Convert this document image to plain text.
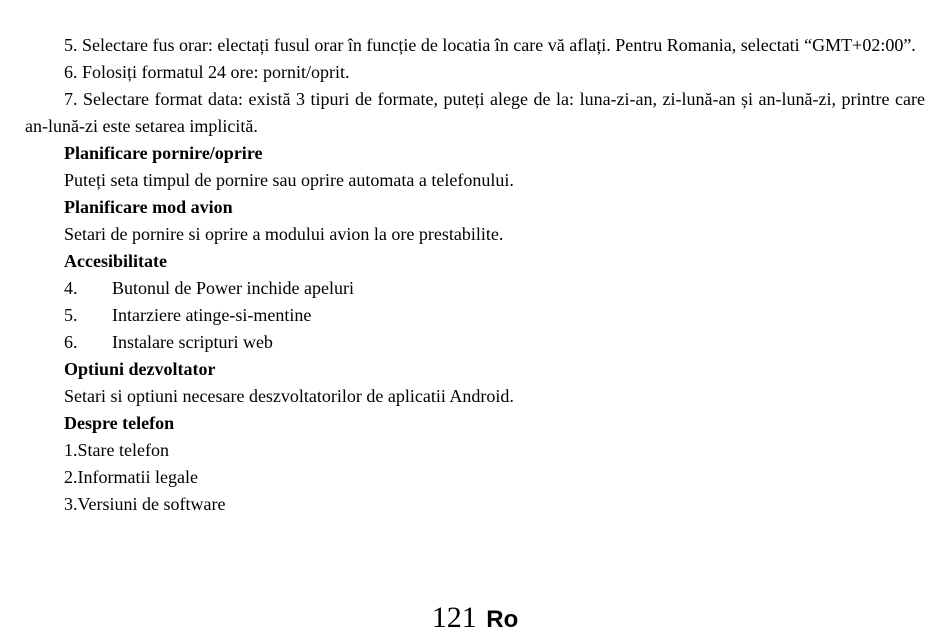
5. Selectare fus orar: electați fusul orar în funcție de locatia în care vă aflați. Pentru Romania, selectati “GMT+02:00”.

6. Folosiți formatul 24 ore: pornit/oprit.

7. Selectare format data: există 3 tipuri de formate, puteți alege de la: luna-zi-an, zi-lună-an și an-lună-zi, printre care an-lună-zi este setarea implicită.

Planificare pornire/oprire

Puteți seta timpul de pornire sau oprire automata a telefonului.

Planificare mod avion

Setari de pornire si oprire a modului avion la ore prestabilite.

Accesibilitate

4.	Butonul de Power inchide apeluri

5.	Intarziere atinge-si-mentine

6.	Instalare scripturi web

Optiuni dezvoltator

Setari si optiuni necesare deszvoltatorilor de aplicatii Android.

Despre telefon

1.Stare telefon

2.Informatii legale

3.Versiuni de software

121 Ro
